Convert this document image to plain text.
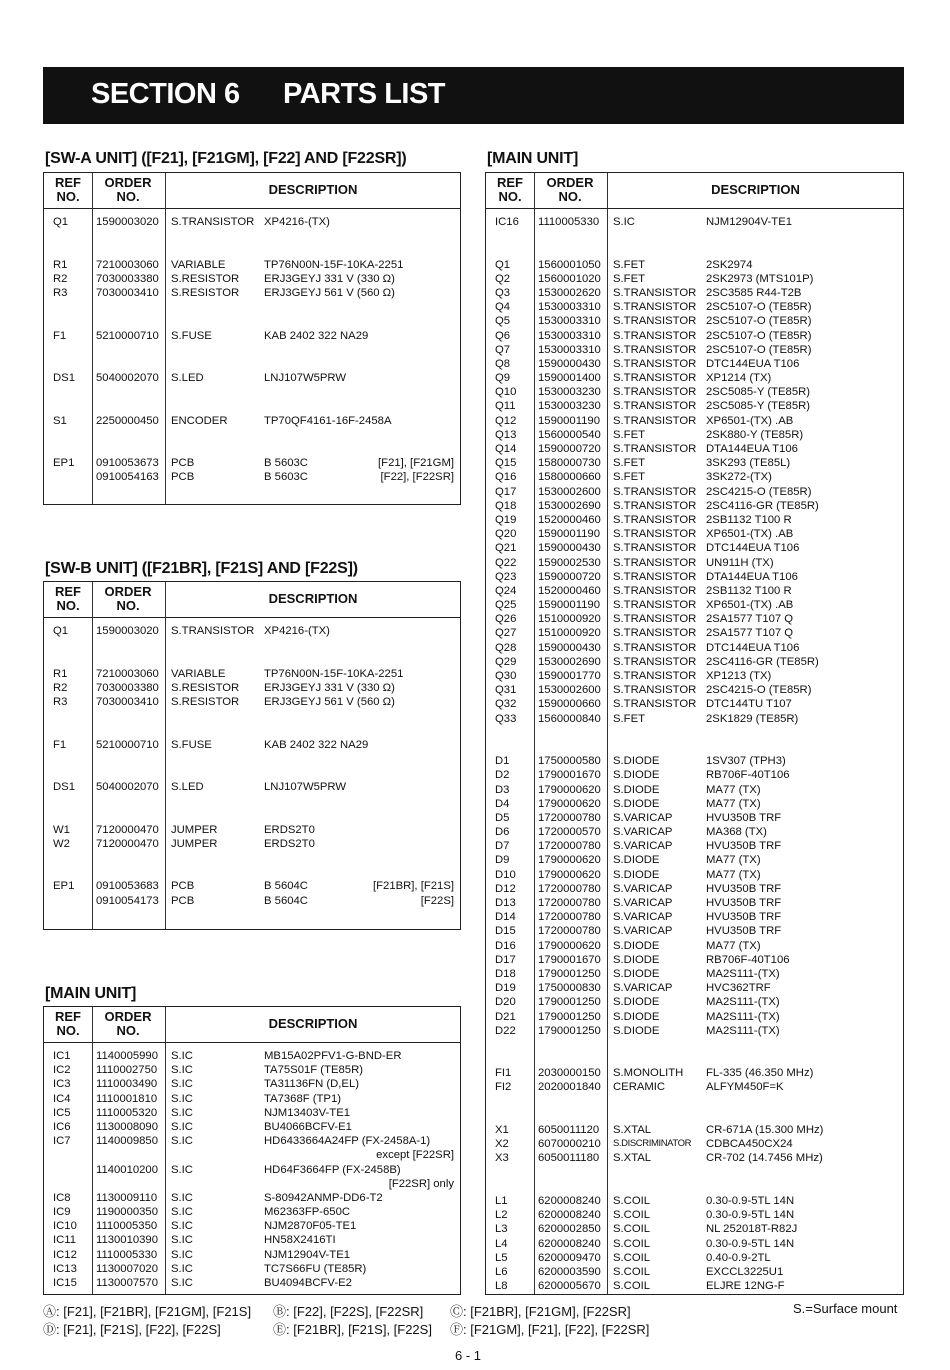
SECTION 6 PARTS LIST
[SW-A UNIT] ([F21], [F21GM], [F22] AND [F22SR])
REF
NO.
ORDER
NO.	DESCRIPTION
Q1 1590003020 S.TRANSISTOR XP4216-(TX)
R1	7210003060 VARIABLE	TP76N00N-15F-10KA-2251
R2	7030003380 S.RESISTOR ERJ3GEYJ 331 V (330 Ω)
R3	7030003410 S.RESISTOR ERJ3GEYJ 561 V (560 Ω)
F1	5210000710 S.FUSE	KAB 2402 322 NA29
DS1 5040002070 S.LED	LNJ107W5PRW
S1	2250000450 ENCODER	TP70QF4161-16F-2458A
EP1 0910053673 PCB	B 5603C	[F21], [F21GM]
0910054163 PCB	B 5603C	[F22], [F22SR]
[SW-B UNIT] ([F21BR], [F21S] AND [F22S])
REF
NO.
ORDER
NO.	DESCRIPTION
Q1 1590003020 S.TRANSISTOR XP4216-(TX)
R1	7210003060 VARIABLE	TP76N00N-15F-10KA-2251
R2	7030003380 S.RESISTOR ERJ3GEYJ 331 V (330 Ω)
R3	7030003410 S.RESISTOR ERJ3GEYJ 561 V (560 Ω)
F1	5210000710 S.FUSE	KAB 2402 322 NA29
DS1 5040002070 S.LED	LNJ107W5PRW
W1 7120000470 JUMPER	ERDS2T0
W2 7120000470 JUMPER	ERDS2T0
EP1 0910053683 PCB	B 5604C	[F21BR], [F21S]
0910054173 PCB	B 5604C	[F22S]
[MAIN UNIT]
REF
NO.
ORDER
NO.	DESCRIPTION
IC1 1140005990 S.IC	MB15A02PFV1-G-BND-ER
IC2 1110002750 S.IC	TA75S01F (TE85R)
IC3 1110003490 S.IC	TA31136FN (D,EL)
IC4 1110001810 S.IC	TA7368F (TP1)
IC5 1110005320 S.IC	NJM13403V-TE1
IC6 1130008090 S.IC	BU4066BCFV-E1
IC7 1140009850 S.IC	HD6433664A24FP (FX-2458A-1)
except [F22SR]
1140010200 S.IC	HD64F3664FP (FX-2458B)
[F22SR] only
IC8 1130009110 S.IC	S-80942ANMP-DD6-T2
IC9 1190000350 S.IC	M62363FP-650C
IC10 1110005350 S.IC	NJM2870F05-TE1
IC11 1130010390 S.IC	HN58X2416TI
IC12 1110005330 S.IC	NJM12904V-TE1
IC13 1130007020 S.IC	TC7S66FU (TE85R)
IC15 1130007570 S.IC	BU4094BCFV-E2
[MAIN UNIT]
REF
NO.
ORDER
NO.	DESCRIPTION
IC16 1110005330 S.IC	NJM12904V-TE1
Q1 1560001050 S.FET	2SK2974
Q2 1560001020 S.FET	2SK2973 (MTS101P)
Q3 1530002620 S.TRANSISTOR 2SC3585 R44-T2B
Q4 1530003310 S.TRANSISTOR 2SC5107-O (TE85R)
Q5 1530003310 S.TRANSISTOR 2SC5107-O (TE85R)
Q6 1530003310 S.TRANSISTOR 2SC5107-O (TE85R)
Q7 1530003310 S.TRANSISTOR 2SC5107-O (TE85R)
Q8 1590000430 S.TRANSISTOR DTC144EUA T106
Q9 1590001400 S.TRANSISTOR XP1214 (TX)
Q10 1530003230 S.TRANSISTOR 2SC5085-Y (TE85R)
Q11 1530003230 S.TRANSISTOR 2SC5085-Y (TE85R)
Q12 1590001190 S.TRANSISTOR XP6501-(TX) .AB
Q13 1560000540 S.FET	2SK880-Y (TE85R)
Q14 1590000720 S.TRANSISTOR DTA144EUA T106
Q15 1580000730 S.FET	3SK293 (TE85L)
Q16 1580000660 S.FET	3SK272-(TX)
Q17 1530002600 S.TRANSISTOR 2SC4215-O (TE85R)
Q18 1530002690 S.TRANSISTOR 2SC4116-GR (TE85R)
Q19 1520000460 S.TRANSISTOR 2SB1132 T100 R
Q20 1590001190 S.TRANSISTOR XP6501-(TX) .AB
Q21 1590000430 S.TRANSISTOR DTC144EUA T106
Q22 1590002530 S.TRANSISTOR UN911H (TX)
Q23 1590000720 S.TRANSISTOR DTA144EUA T106
Q24 1520000460 S.TRANSISTOR 2SB1132 T100 R
Q25 1590001190 S.TRANSISTOR XP6501-(TX) .AB
Q26 1510000920 S.TRANSISTOR 2SA1577 T107 Q
Q27 1510000920 S.TRANSISTOR 2SA1577 T107 Q
Q28 1590000430 S.TRANSISTOR DTC144EUA T106
Q29 1530002690 S.TRANSISTOR 2SC4116-GR (TE85R)
Q30 1590001770 S.TRANSISTOR XP1213 (TX)
Q31 1530002600 S.TRANSISTOR 2SC4215-O (TE85R)
Q32 1590000660 S.TRANSISTOR DTC144TU T107
Q33 1560000840 S.FET	2SK1829 (TE85R)
D1	1750000580 S.DIODE	1SV307 (TPH3)
D2	1790001670 S.DIODE	RB706F-40T106
D3	1790000620 S.DIODE	MA77 (TX)
D4	1790000620 S.DIODE	MA77 (TX)
D5	1720000780 S.VARICAP	HVU350B TRF
D6	1720000570 S.VARICAP	MA368 (TX)
D7	1720000780 S.VARICAP	HVU350B TRF
D9	1790000620 S.DIODE	MA77 (TX)
D10 1790000620 S.DIODE	MA77 (TX)
D12 1720000780 S.VARICAP	HVU350B TRF
D13 1720000780 S.VARICAP	HVU350B TRF
D14 1720000780 S.VARICAP	HVU350B TRF
D15 1720000780 S.VARICAP	HVU350B TRF
D16 1790000620 S.DIODE	MA77 (TX)
D17 1790001670 S.DIODE	RB706F-40T106
D18 1790001250 S.DIODE	MA2S111-(TX)
D19 1750000830 S.VARICAP	HVC362TRF
D20 1790001250 S.DIODE	MA2S111-(TX)
D21 1790001250 S.DIODE	MA2S111-(TX)
D22 1790001250 S.DIODE	MA2S111-(TX)
FI1 2030000150 S.MONOLITH FL-335 (46.350 MHz)
FI2 2020001840 CERAMIC	ALFYM450F=K
X1	6050011120 S.XTAL	CR-671A (15.300 MHz)
X2	6070000210 S.DISCRIMINATOR CDBCA450CX24
X3	6050011180 S.XTAL	CR-702 (14.7456 MHz)
L1	6200008240 S.COIL	0.30-0.9-5TL 14N
L2	6200008240 S.COIL	0.30-0.9-5TL 14N
L3	6200002850 S.COIL	NL 252018T-R82J
L4	6200008240 S.COIL	0.30-0.9-5TL 14N
L5	6200009470 S.COIL	0.40-0.9-2TL
L6	6200003590 S.COIL	EXCCL3225U1
L8	6200005670 S.COIL	ELJRE 12NG-F
Ⓐ: [F21], [F21BR], [F21GM], [F21S] Ⓑ: [F22], [F22S], [F22SR] Ⓒ: [F21BR], [F21GM], [F22SR]
Ⓓ: [F21], [F21S], [F22], [F22S]	Ⓔ: [F21BR], [F21S], [F22S] Ⓕ: [F21GM], [F21], [F22], [F22SR]
S.=Surface mount
6 - 1
